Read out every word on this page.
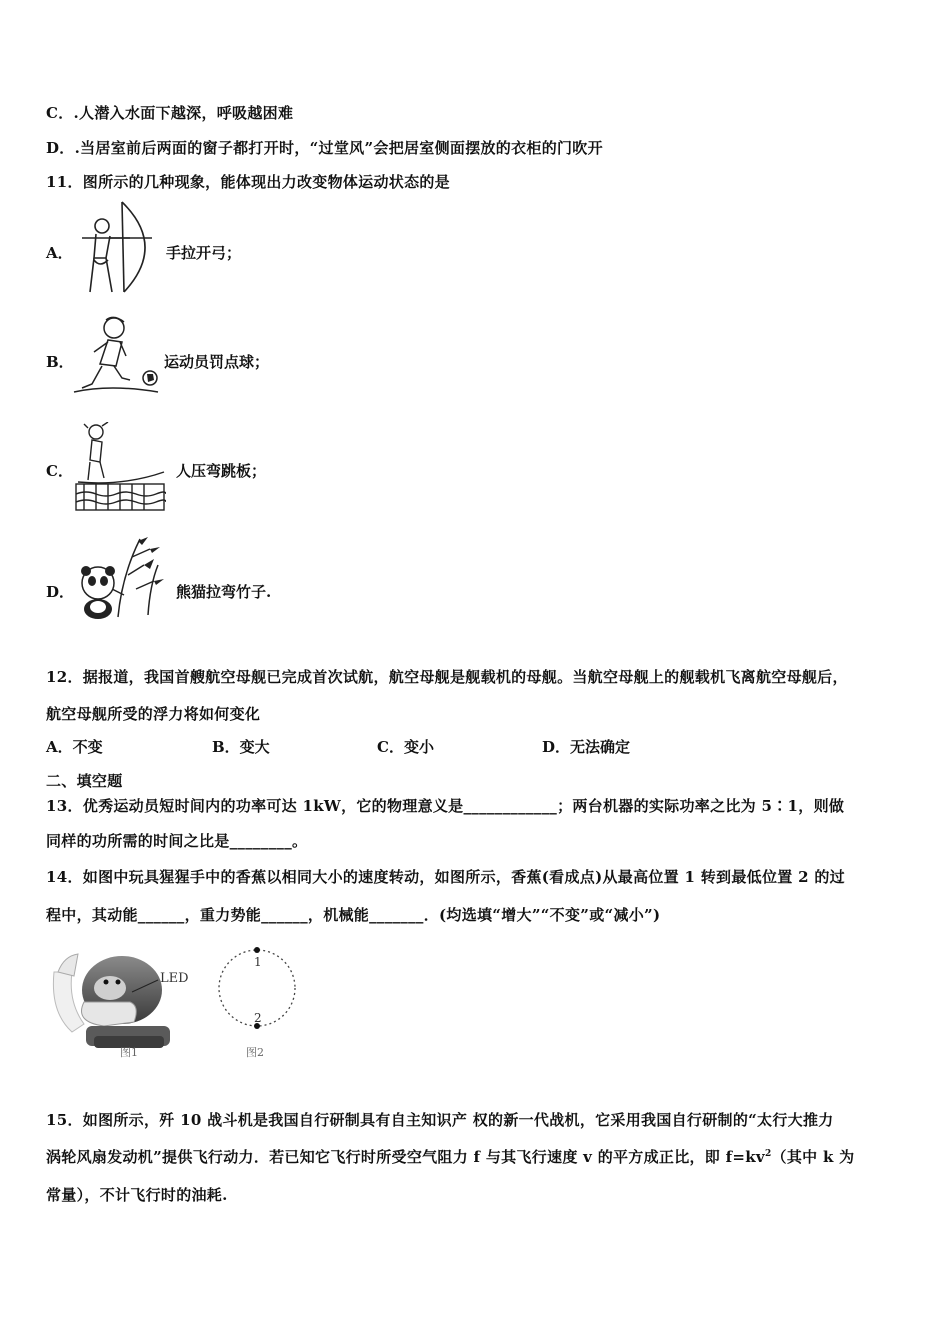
C．.人潜入水面下越深，呼吸越困难
D．.当居室前后两面的窗子都打开时，“过堂风”会把居室侧面摆放的衣柜的门吹开
11．图所示的几种现象，能体现出力改变物体运动状态的是
A．	手拉开弓；
B．	运动员罚点球；
C．	人压弯跳板；
D．	熊猫拉弯竹子.
12．据报道，我国首艘航空母舰已完成首次试航，航空母舰是舰载机的母舰。当航空母舰上的舰载机飞离航空母舰后，
航空母舰所受的浮力将如何变化
A．不变	B．变大	C．变小	D．无法确定
二、填空题
13．优秀运动员短时间内的功率可达 1kW，它的物理意义是____________；两台机器的实际功率之比为 5∶1，则做
同样的功所需的时间之比是________。
14．如图中玩具猩猩手中的香蕉以相同大小的速度转动，如图所示，香蕉(看成点)从最高位置 1 转到最低位置 2 的过
程中，其动能______，重力势能______，机械能_______．(均选填“增大”“不变”或“减小”)
LED
图1
1
2
图2
15．如图所示，歼 10 战斗机是我国自行研制具有自主知识产 权的新一代战机，它采用我国自行研制的“太行大推力
涡轮风扇发动机”提供飞行动力．若已知它飞行时所受空气阻力 f 与其飞行速度 v 的平方成正比，即 $f=kv^2$（其中 k 为
常量），不计飞行时的油耗.
